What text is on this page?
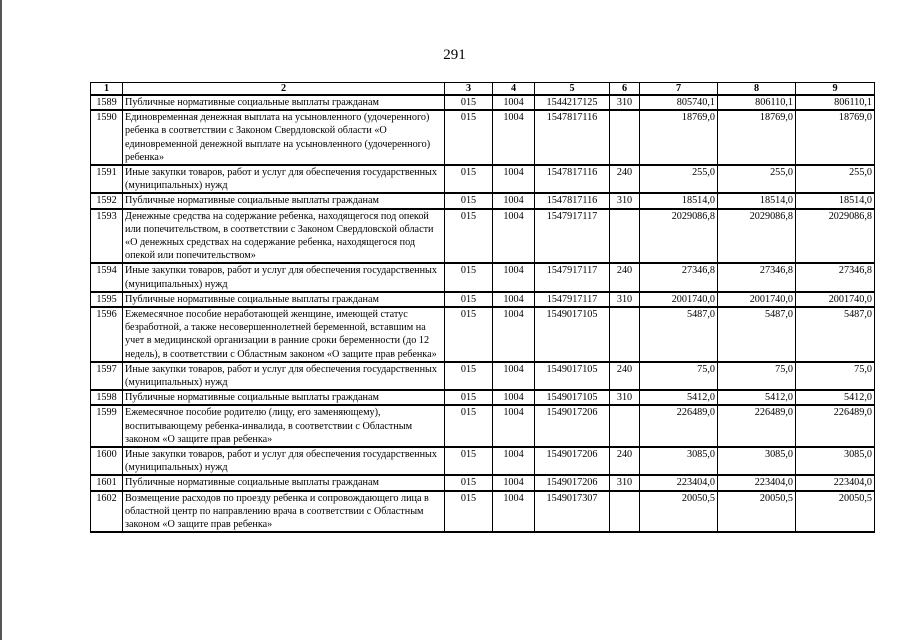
291
1	2	3	4	5	6	7	8	9
1589	Публичные нормативные социальные выплаты гражданам	015	1004	1544217125	310	805740,1	806110,1	806110,1
1590	Единовременная денежная выплата на усыновленного (удочеренного) ребенка в соответствии с Законом Свердловской области «О единовременной денежной выплате на усыновленного (удочеренного) ребенка»	015	1004	1547817116		18769,0	18769,0	18769,0
1591	Иные закупки товаров, работ и услуг для обеспечения государственных (муниципальных) нужд	015	1004	1547817116	240	255,0	255,0	255,0
1592	Публичные нормативные социальные выплаты гражданам	015	1004	1547817116	310	18514,0	18514,0	18514,0
1593	Денежные средства на содержание ребенка, находящегося под опекой или попечительством, в соответствии с Законом Свердловской области «О денежных средствах на содержание ребенка, находящегося под опекой или попечительством»	015	1004	1547917117		2029086,8	2029086,8	2029086,8
1594	Иные закупки товаров, работ и услуг для обеспечения государственных (муниципальных) нужд	015	1004	1547917117	240	27346,8	27346,8	27346,8
1595	Публичные нормативные социальные выплаты гражданам	015	1004	1547917117	310	2001740,0	2001740,0	2001740,0
1596	Ежемесячное пособие неработающей женщине, имеющей статус безработной, а также несовершеннолетней беременной, вставшим на учет в медицинской организации в ранние сроки беременности (до 12 недель), в соответствии с Областным законом «О защите прав ребенка»	015	1004	1549017105		5487,0	5487,0	5487,0
1597	Иные закупки товаров, работ и услуг для обеспечения государственных (муниципальных) нужд	015	1004	1549017105	240	75,0	75,0	75,0
1598	Публичные нормативные социальные выплаты гражданам	015	1004	1549017105	310	5412,0	5412,0	5412,0
1599	Ежемесячное пособие родителю (лицу, его заменяющему), воспитывающему ребенка-инвалида, в соответствии с Областным законом «О защите прав ребенка»	015	1004	1549017206		226489,0	226489,0	226489,0
1600	Иные закупки товаров, работ и услуг для обеспечения государственных (муниципальных) нужд	015	1004	1549017206	240	3085,0	3085,0	3085,0
1601	Публичные нормативные социальные выплаты гражданам	015	1004	1549017206	310	223404,0	223404,0	223404,0
1602	Возмещение расходов по проезду ребенка и сопровождающего лица в областной центр по направлению врача в соответствии с Областным законом «О защите прав ребенка»	015	1004	1549017307		20050,5	20050,5	20050,5
